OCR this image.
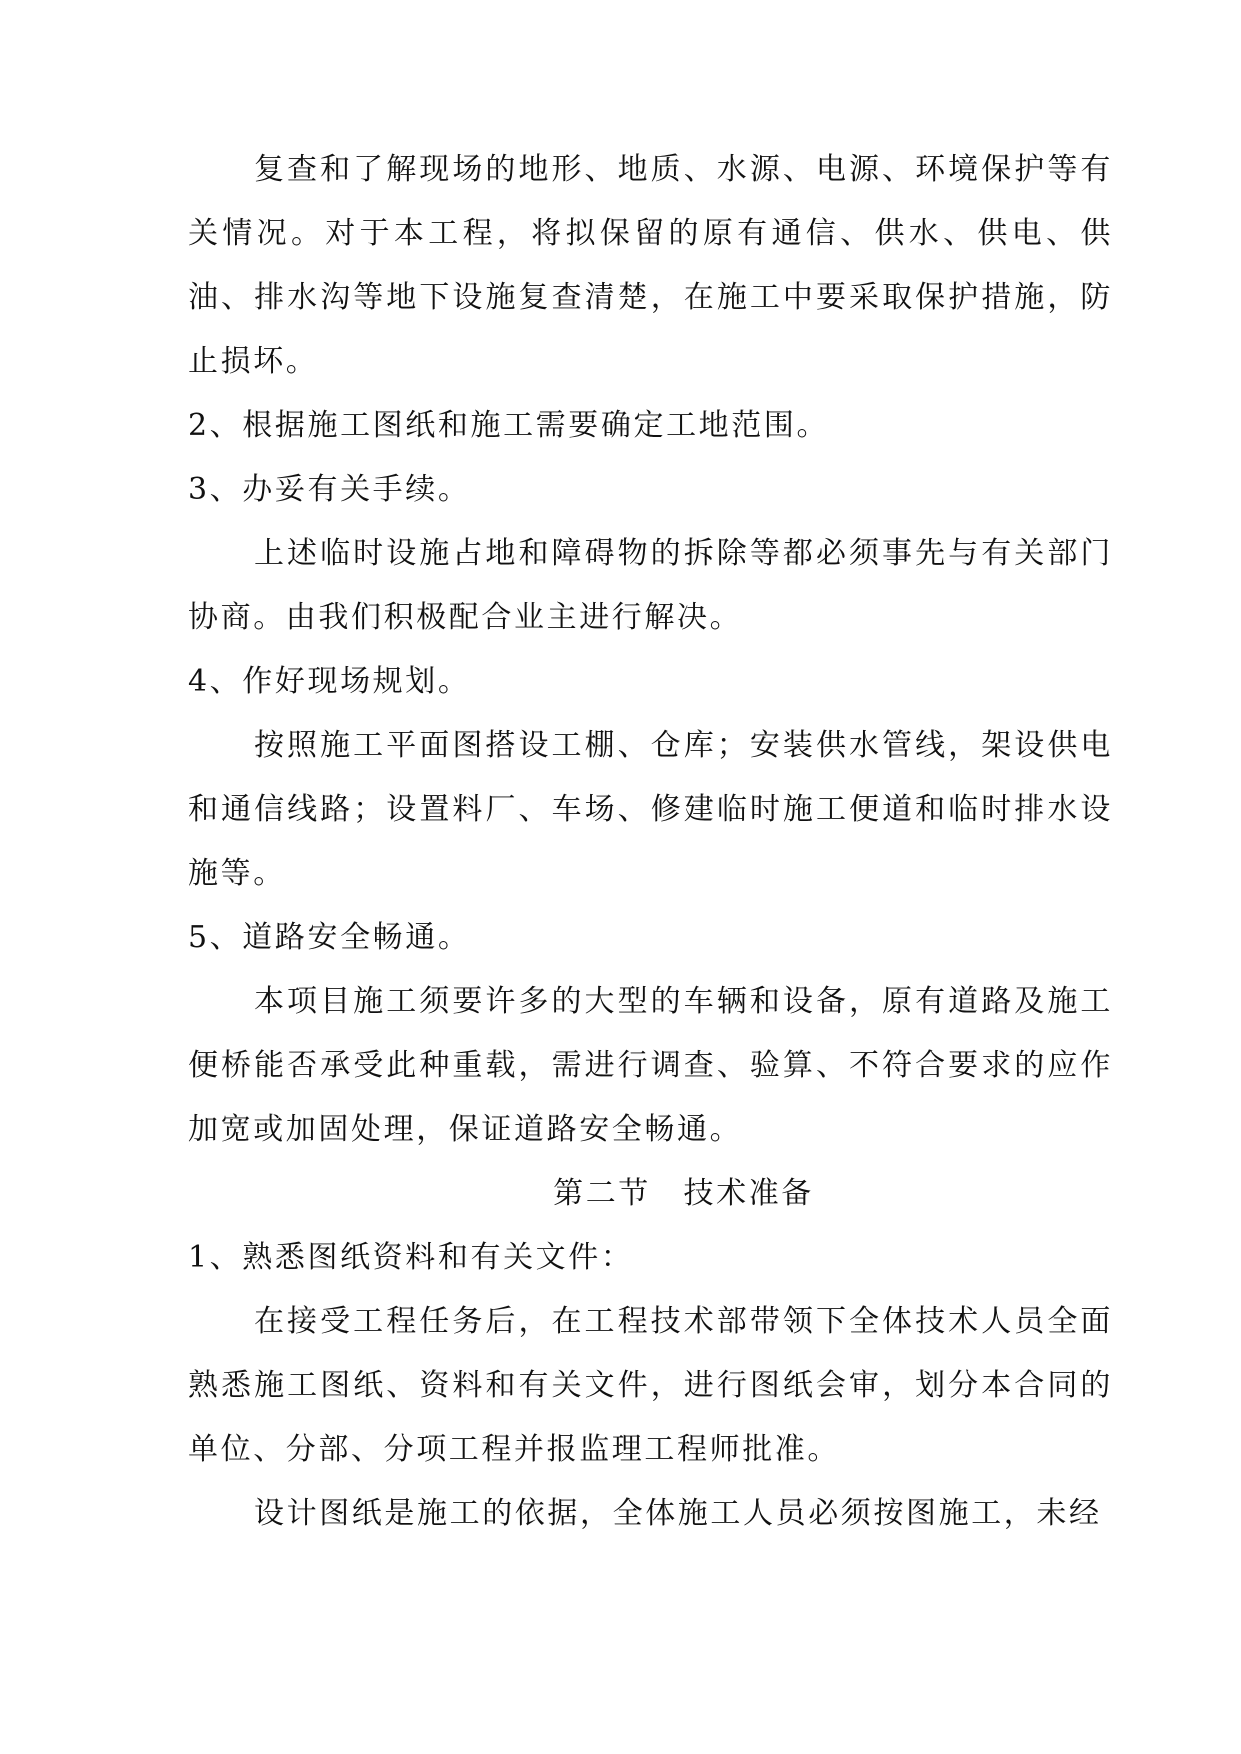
复查和了解现场的地形、地质、水源、电源、环境保护等有关情况。对于本工程，将拟保留的原有通信、供水、供电、供油、排水沟等地下设施复查清楚，在施工中要采取保护措施，防止损坏。

2、根据施工图纸和施工需要确定工地范围。

3、办妥有关手续。

上述临时设施占地和障碍物的拆除等都必须事先与有关部门协商。由我们积极配合业主进行解决。

4、作好现场规划。

按照施工平面图搭设工棚、仓库；安装供水管线，架设供电和通信线路；设置料厂、车场、修建临时施工便道和临时排水设施等。

5、道路安全畅通。

本项目施工须要许多的大型的车辆和设备，原有道路及施工便桥能否承受此种重载，需进行调查、验算、不符合要求的应作加宽或加固处理，保证道路安全畅通。

第二节　技术准备

1、熟悉图纸资料和有关文件：

在接受工程任务后，在工程技术部带领下全体技术人员全面熟悉施工图纸、资料和有关文件，进行图纸会审，划分本合同的单位、分部、分项工程并报监理工程师批准。

设计图纸是施工的依据，全体施工人员必须按图施工，未经
